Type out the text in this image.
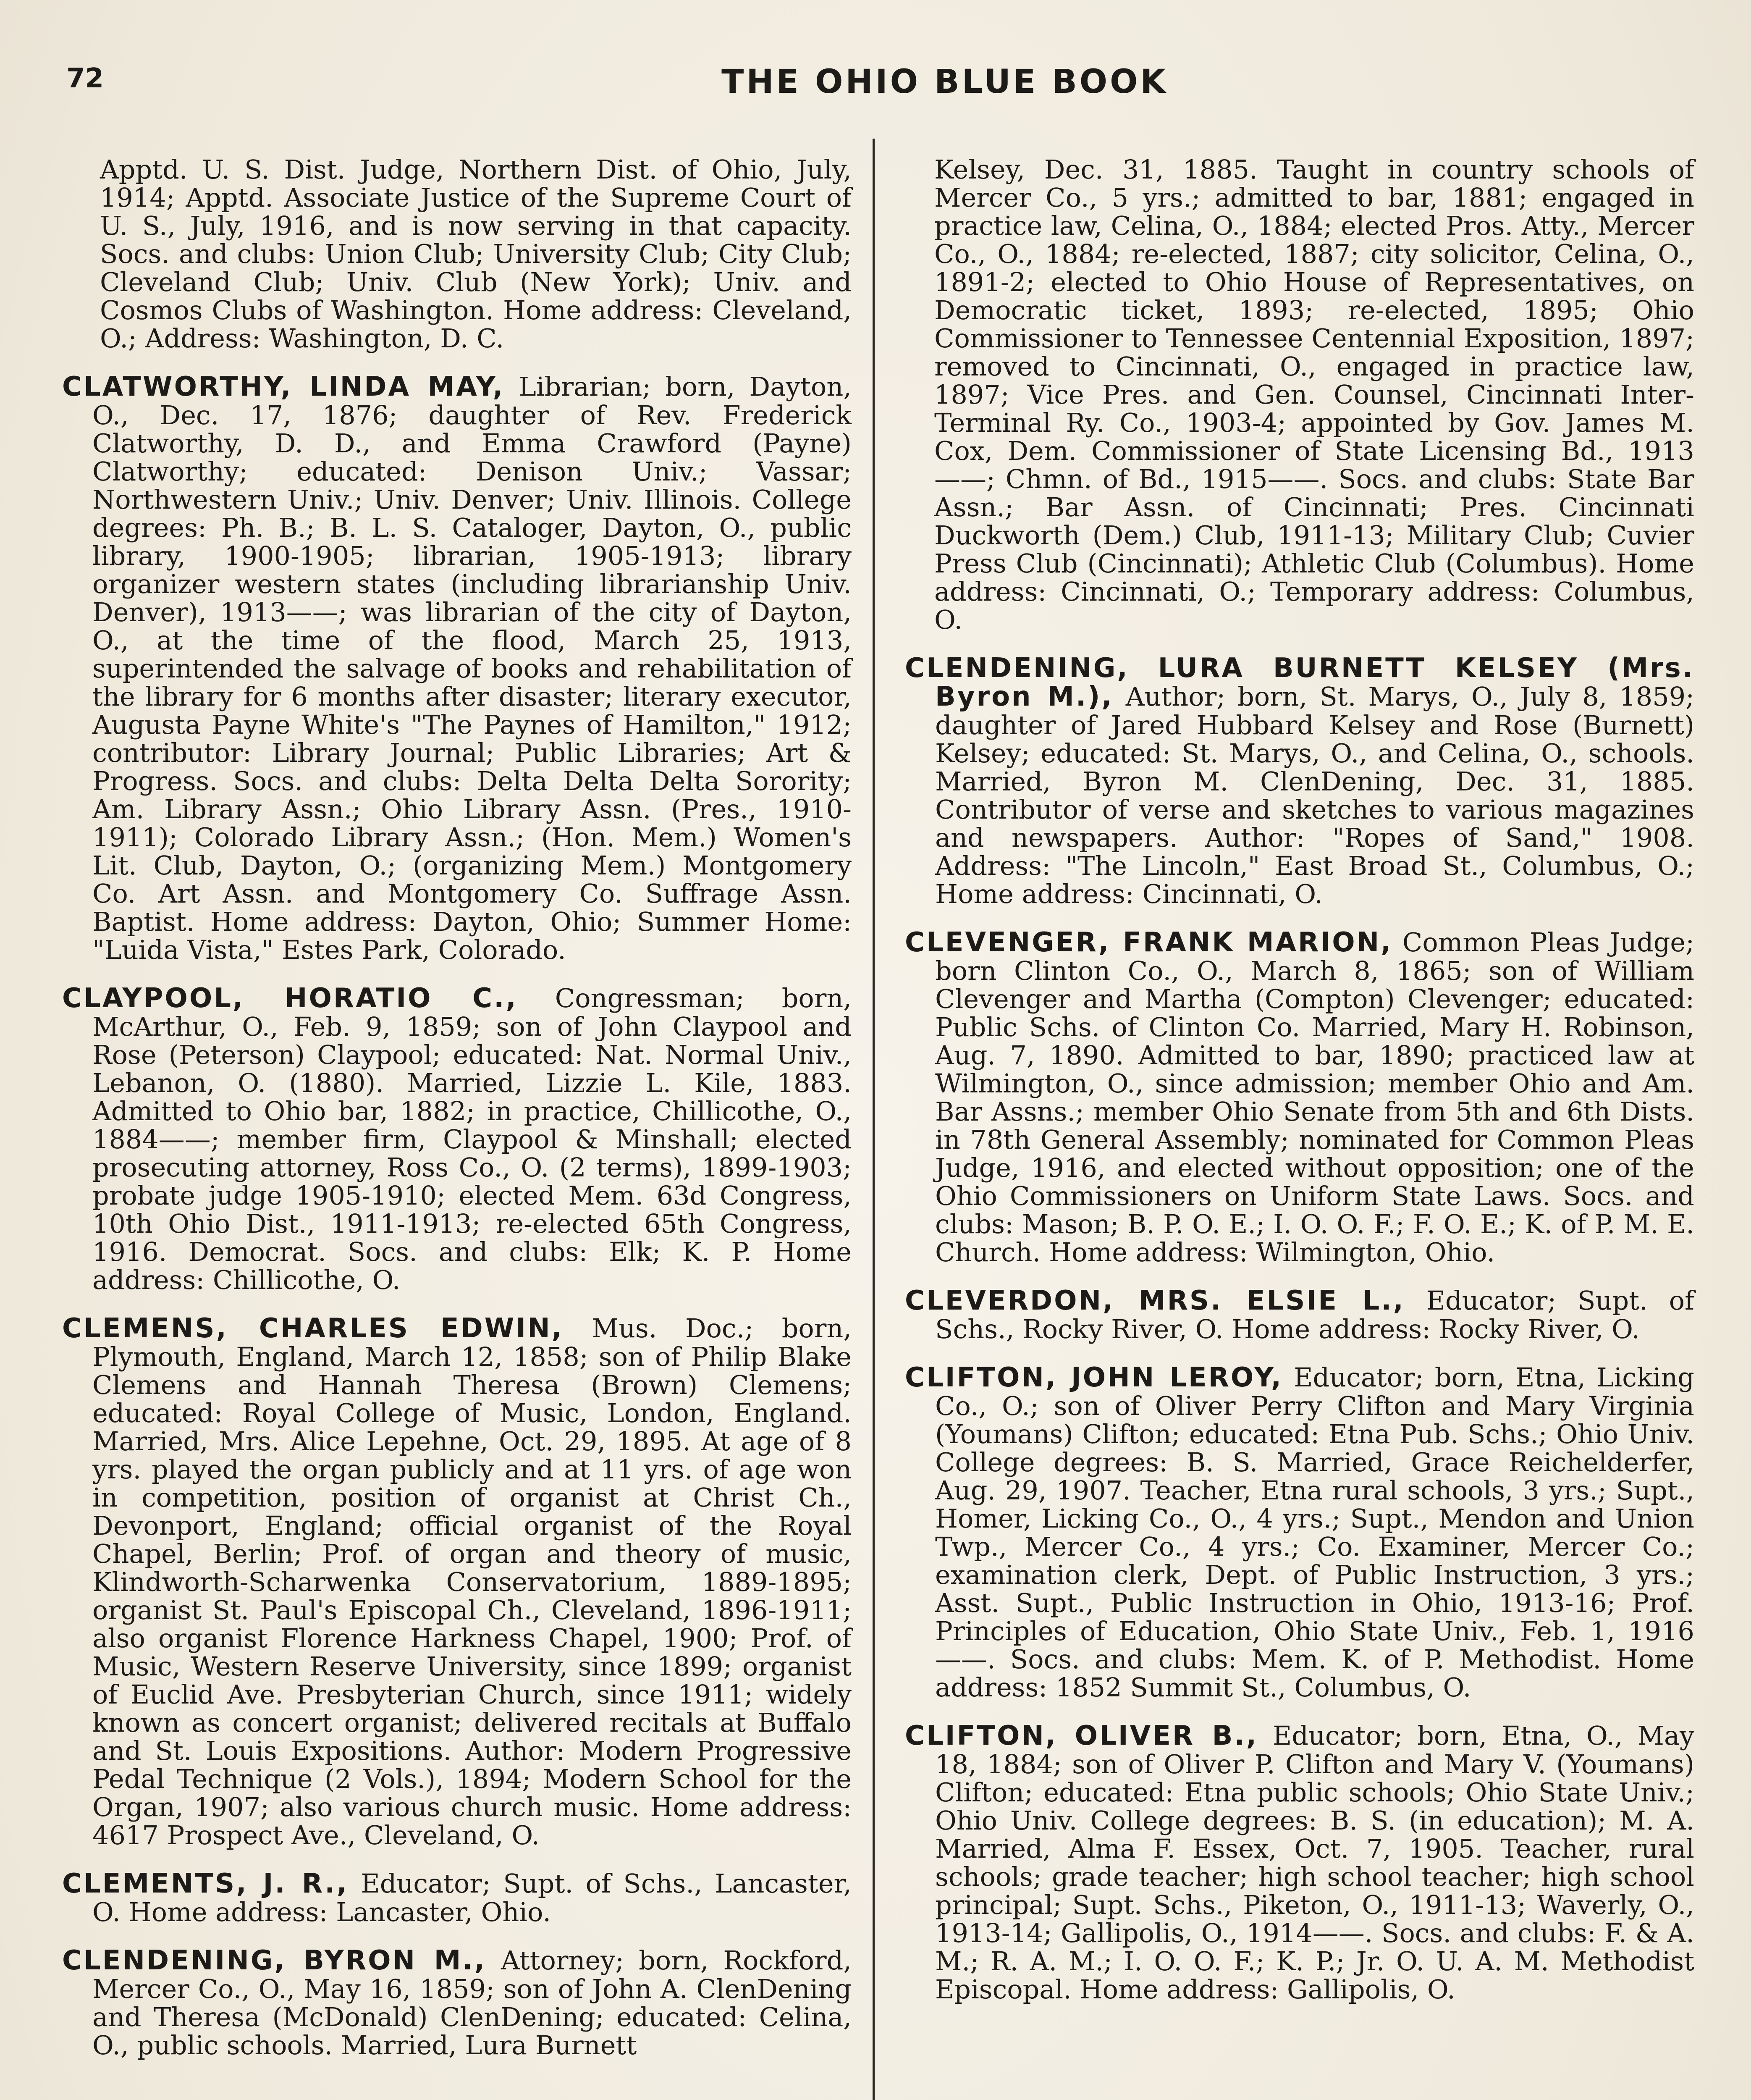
72	THE OHIO BLUE BOOK

Apptd. U. S. Dist. Judge, Northern Dist. of Ohio, July, 1914; Apptd. Associate Justice of the Supreme Court of U. S., July, 1916, and is now serving in that capacity. Socs. and clubs: Union Club; University Club; City Club; Cleveland Club; Univ. Club (New York); Univ. and Cosmos Clubs of Washington. Home address: Cleveland, O.; Address: Washington, D. C.

CLATWORTHY, LINDA MAY, Librarian; born, Dayton, O., Dec. 17, 1876; daughter of Rev. Frederick Clatworthy, D. D., and Emma Crawford (Payne) Clatworthy; educated: Denison Univ.; Vassar; Northwestern Univ.; Univ. Denver; Univ. Illinois. College degrees: Ph. B.; B. L. S. Cataloger, Dayton, O., public library, 1900-1905; librarian, 1905-1913; library organizer western states (including librarianship Univ. Denver), 1913——; was librarian of the city of Dayton, O., at the time of the flood, March 25, 1913, superintended the salvage of books and rehabilitation of the library for 6 months after disaster; literary executor, Augusta Payne White's "The Paynes of Hamilton," 1912; contributor: Library Journal; Public Libraries; Art & Progress. Socs. and clubs: Delta Delta Delta Sorority; Am. Library Assn.; Ohio Library Assn. (Pres., 1910-1911); Colorado Library Assn.; (Hon. Mem.) Women's Lit. Club, Dayton, O.; (organizing Mem.) Montgomery Co. Art Assn. and Montgomery Co. Suffrage Assn. Baptist. Home address: Dayton, Ohio; Summer Home: "Luida Vista," Estes Park, Colorado.

CLAYPOOL, HORATIO C., Congressman; born, McArthur, O., Feb. 9, 1859; son of John Claypool and Rose (Peterson) Claypool; educated: Nat. Normal Univ., Lebanon, O. (1880). Married, Lizzie L. Kile, 1883. Admitted to Ohio bar, 1882; in practice, Chillicothe, O., 1884——; member firm, Claypool & Minshall; elected prosecuting attorney, Ross Co., O. (2 terms), 1899-1903; probate judge 1905-1910; elected Mem. 63d Congress, 10th Ohio Dist., 1911-1913; re-elected 65th Congress, 1916. Democrat. Socs. and clubs: Elk; K. P. Home address: Chillicothe, O.

CLEMENS, CHARLES EDWIN, Mus. Doc.; born, Plymouth, England, March 12, 1858; son of Philip Blake Clemens and Hannah Theresa (Brown) Clemens; educated: Royal College of Music, London, England. Married, Mrs. Alice Lepehne, Oct. 29, 1895. At age of 8 yrs. played the organ publicly and at 11 yrs. of age won in competition, position of organist at Christ Ch., Devonport, England; official organist of the Royal Chapel, Berlin; Prof. of organ and theory of music, Klindworth-Scharwenka Conservatorium, 1889-1895; organist St. Paul's Episcopal Ch., Cleveland, 1896-1911; also organist Florence Harkness Chapel, 1900; Prof. of Music, Western Reserve University, since 1899; organist of Euclid Ave. Presbyterian Church, since 1911; widely known as concert organist; delivered recitals at Buffalo and St. Louis Expositions. Author: Modern Progressive Pedal Technique (2 Vols.), 1894; Modern School for the Organ, 1907; also various church music. Home address: 4617 Prospect Ave., Cleveland, O.

CLEMENTS, J. R., Educator; Supt. of Schs., Lancaster, O. Home address: Lancaster, Ohio.

CLENDENING, BYRON M., Attorney; born, Rockford, Mercer Co., O., May 16, 1859; son of John A. ClenDening and Theresa (McDonald) ClenDening; educated: Celina, O., public schools. Married, Lura Burnett

Kelsey, Dec. 31, 1885. Taught in country schools of Mercer Co., 5 yrs.; admitted to bar, 1881; engaged in practice law, Celina, O., 1884; elected Pros. Atty., Mercer Co., O., 1884; re-elected, 1887; city solicitor, Celina, O., 1891-2; elected to Ohio House of Representatives, on Democratic ticket, 1893; re-elected, 1895; Ohio Commissioner to Tennessee Centennial Exposition, 1897; removed to Cincinnati, O., engaged in practice law, 1897; Vice Pres. and Gen. Counsel, Cincinnati Inter-Terminal Ry. Co., 1903-4; appointed by Gov. James M. Cox, Dem. Commissioner of State Licensing Bd., 1913——; Chmn. of Bd., 1915——. Socs. and clubs: State Bar Assn.; Bar Assn. of Cincinnati; Pres. Cincinnati Duckworth (Dem.) Club, 1911-13; Military Club; Cuvier Press Club (Cincinnati); Athletic Club (Columbus). Home address: Cincinnati, O.; Temporary address: Columbus, O.

CLENDENING, LURA BURNETT KELSEY (Mrs. Byron M.), Author; born, St. Marys, O., July 8, 1859; daughter of Jared Hubbard Kelsey and Rose (Burnett) Kelsey; educated: St. Marys, O., and Celina, O., schools. Married, Byron M. ClenDening, Dec. 31, 1885. Contributor of verse and sketches to various magazines and newspapers. Author: "Ropes of Sand," 1908. Address: "The Lincoln," East Broad St., Columbus, O.; Home address: Cincinnati, O.

CLEVENGER, FRANK MARION, Common Pleas Judge; born Clinton Co., O., March 8, 1865; son of William Clevenger and Martha (Compton) Clevenger; educated: Public Schs. of Clinton Co. Married, Mary H. Robinson, Aug. 7, 1890. Admitted to bar, 1890; practiced law at Wilmington, O., since admission; member Ohio and Am. Bar Assns.; member Ohio Senate from 5th and 6th Dists. in 78th General Assembly; nominated for Common Pleas Judge, 1916, and elected without opposition; one of the Ohio Commissioners on Uniform State Laws. Socs. and clubs: Mason; B. P. O. E.; I. O. O. F.; F. O. E.; K. of P. M. E. Church. Home address: Wilmington, Ohio.

CLEVERDON, MRS. ELSIE L., Educator; Supt. of Schs., Rocky River, O. Home address: Rocky River, O.

CLIFTON, JOHN LEROY, Educator; born, Etna, Licking Co., O.; son of Oliver Perry Clifton and Mary Virginia (Youmans) Clifton; educated: Etna Pub. Schs.; Ohio Univ. College degrees: B. S. Married, Grace Reichelderfer, Aug. 29, 1907. Teacher, Etna rural schools, 3 yrs.; Supt., Homer, Licking Co., O., 4 yrs.; Supt., Mendon and Union Twp., Mercer Co., 4 yrs.; Co. Examiner, Mercer Co.; examination clerk, Dept. of Public Instruction, 3 yrs.; Asst. Supt., Public Instruction in Ohio, 1913-16; Prof. Principles of Education, Ohio State Univ., Feb. 1, 1916——. Socs. and clubs: Mem. K. of P. Methodist. Home address: 1852 Summit St., Columbus, O.

CLIFTON, OLIVER B., Educator; born, Etna, O., May 18, 1884; son of Oliver P. Clifton and Mary V. (Youmans) Clifton; educated: Etna public schools; Ohio State Univ.; Ohio Univ. College degrees: B. S. (in education); M. A. Married, Alma F. Essex, Oct. 7, 1905. Teacher, rural schools; grade teacher; high school teacher; high school principal; Supt. Schs., Piketon, O., 1911-13; Waverly, O., 1913-14; Gallipolis, O., 1914——. Socs. and clubs: F. & A. M.; R. A. M.; I. O. O. F.; K. P.; Jr. O. U. A. M. Methodist Episcopal. Home address: Gallipolis, O.
